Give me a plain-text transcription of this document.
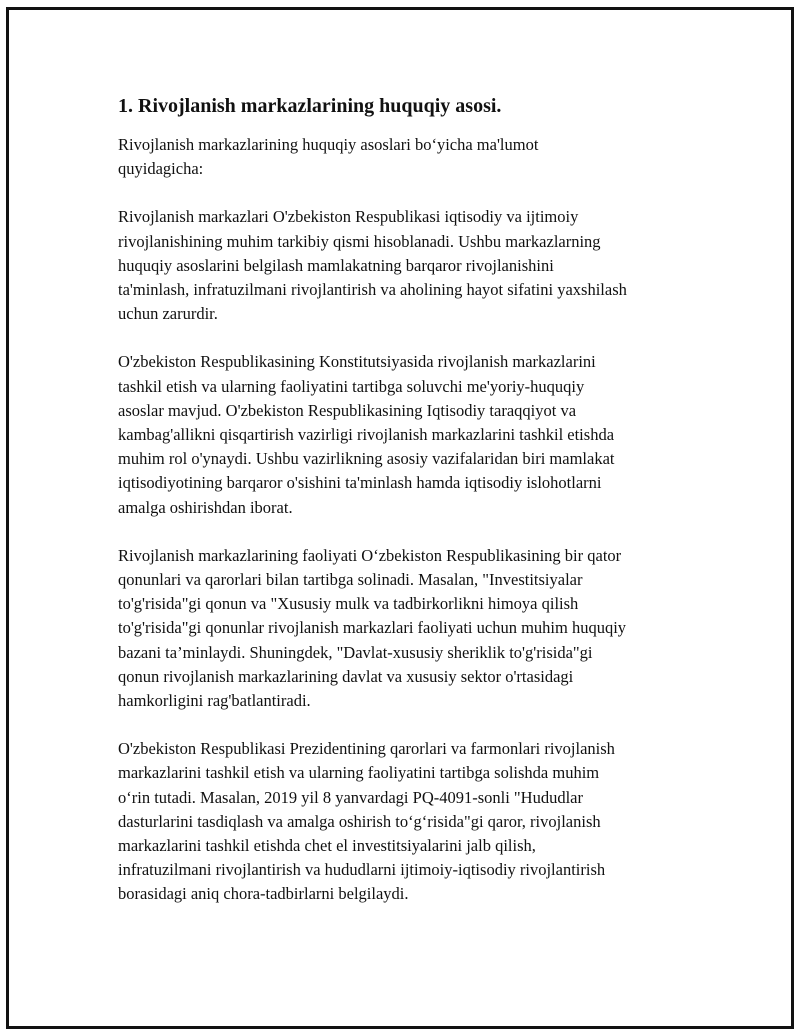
1. Rivojlanish markazlarining huquqiy asosi.
Rivojlanish markazlarining huquqiy asoslari bo‘yicha ma'lumot
quyidagicha:
Rivojlanish markazlari O'zbekiston Respublikasi iqtisodiy va ijtimoiy
rivojlanishining muhim tarkibiy qismi hisoblanadi. Ushbu markazlarning
huquqiy asoslarini belgilash mamlakatning barqaror rivojlanishini
ta'minlash, infratuzilmani rivojlantirish va aholining hayot sifatini yaxshilash
uchun zarurdir.
O'zbekiston Respublikasining Konstitutsiyasida rivojlanish markazlarini
tashkil etish va ularning faoliyatini tartibga soluvchi me'yoriy-huquqiy
asoslar mavjud. O'zbekiston Respublikasining Iqtisodiy taraqqiyot va
kambag'allikni qisqartirish vazirligi rivojlanish markazlarini tashkil etishda
muhim rol o'ynaydi. Ushbu vazirlikning asosiy vazifalaridan biri mamlakat
iqtisodiyotining barqaror o'sishini ta'minlash hamda iqtisodiy islohotlarni
amalga oshirishdan iborat.
Rivojlanish markazlarining faoliyati O‘zbekiston Respublikasining bir qator
qonunlari va qarorlari bilan tartibga solinadi. Masalan, "Investitsiyalar
to'g'risida"gi qonun va "Xususiy mulk va tadbirkorlikni himoya qilish
to'g'risida"gi qonunlar rivojlanish markazlari faoliyati uchun muhim huquqiy
bazani ta’minlaydi. Shuningdek, "Davlat-xususiy sheriklik to'g'risida"gi
qonun rivojlanish markazlarining davlat va xususiy sektor o'rtasidagi
hamkorligini rag'batlantiradi.
O'zbekiston Respublikasi Prezidentining qarorlari va farmonlari rivojlanish
markazlarini tashkil etish va ularning faoliyatini tartibga solishda muhim
o‘rin tutadi. Masalan, 2019 yil 8 yanvardagi PQ-4091-sonli "Hududlar
dasturlarini tasdiqlash va amalga oshirish to‘g‘risida"gi qaror, rivojlanish
markazlarini tashkil etishda chet el investitsiyalarini jalb qilish,
infratuzilmani rivojlantirish va hududlarni ijtimoiy-iqtisodiy rivojlantirish
borasidagi aniq chora-tadbirlarni belgilaydi.
